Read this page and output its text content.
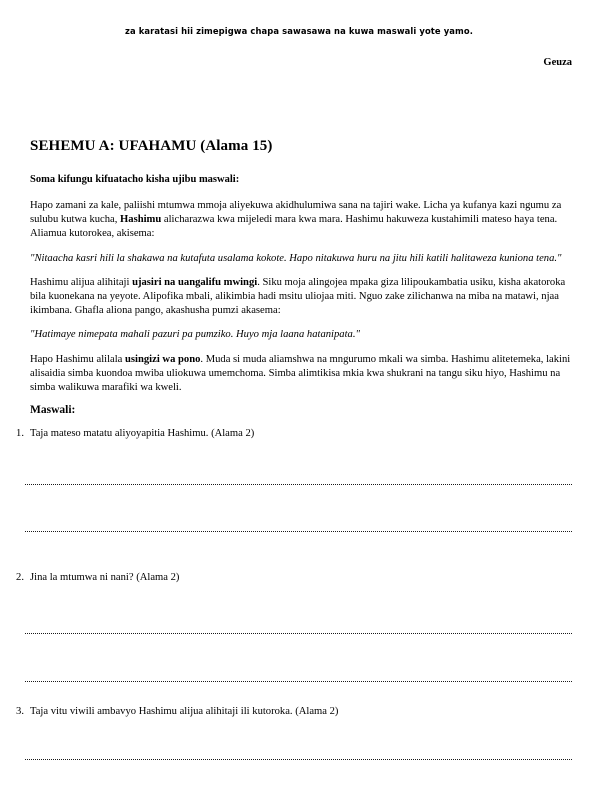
za karatasi hii zimepigwa chapa sawasawa na kuwa maswali yote yamo.
Geuza
SEHEMU A: UFAHAMU (Alama 15)
Soma kifungu kifuatacho kisha ujibu maswali:

Hapo zamani za kale, paliishi mtumwa mmoja aliyekuwa akidhulumiwa sana na tajiri wake. Licha ya kufanya kazi ngumu za sulubu kutwa kucha, Hashimu alicharazwa kwa mijeledi mara kwa mara. Hashimu hakuweza kustahimili mateso haya tena. Aliamua kutorokea, akisema:

"Nitaacha kasri hili la shakawa na kutafuta usalama kokote. Hapo nitakuwa huru na jitu hili katili halitaweza kuniona tena."

Hashimu alijua alihitaji ujasiri na uangalifu mwingi. Siku moja alingojea mpaka giza lilipoukambatia usiku, kisha akatoroka bila kuonekana na yeyote. Alipofika mbali, alikimbia hadi msitu uliojaa miti. Nguo zake zilichanwa na miba na matawi, njaa ikimbana. Ghafla aliona pango, akashusha pumzi akasema:

"Hatimaye nimepata mahali pazuri pa pumziko. Huyo mja laana hatanipata."

Hapo Hashimu alilala usingizi wa pono. Muda si muda aliamshwa na mngurumo mkali wa simba. Hashimu alitetemeka, lakini alisaidia simba kuondoa mwiba uliokuwa umemchoma. Simba alimtikisa mkia kwa shukrani na tangu siku hiyo, Hashimu na simba walikuwa marafiki wa kweli.

Maswali:
1. Taja mateso matatu aliyoyapitia Hashimu. (Alama 2)
2. Jina la mtumwa ni nani? (Alama 2)
3. Taja vitu viwili ambavyo Hashimu alijua alihitaji ili kutoroka. (Alama 2)
